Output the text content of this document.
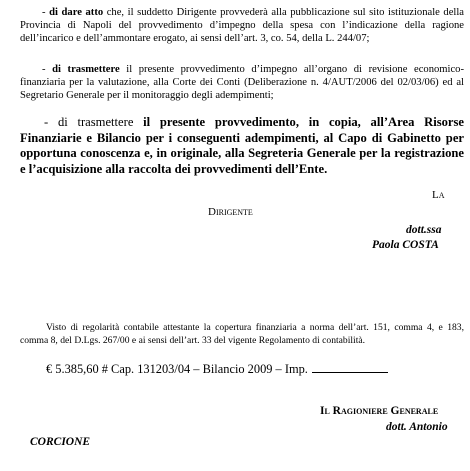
- di dare atto che, il suddetto Dirigente provvederà alla pubblicazione sul sito istituzionale della Provincia di Napoli del provvedimento d’impegno della spesa con l’indicazione della ragione dell’incarico e dell’ammontare erogato, ai sensi dell’art. 3, co. 54, della L. 244/07;

- di trasmettere il presente provvedimento d’impegno all’organo di revisione economico-finanziaria per la valutazione, alla Corte dei Conti (Deliberazione n. 4/AUT/2006 del 02/03/06) ed al Segretario Generale per il monitoraggio degli adempimenti;

- di trasmettere il presente provvedimento, in copia, all’Area Risorse Finanziarie e Bilancio per i conseguenti adempimenti, al Capo di Gabinetto per opportuna conoscenza e, in originale, alla Segreteria Generale per la registrazione e l’acquisizione alla raccolta dei provvedimenti dell’Ente.

La
Dirigente
dott.ssa
Paola COSTA

Visto di regolarità contabile attestante la copertura finanziaria a norma dell’art. 151, comma 4, e 183, comma 8, del D.Lgs. 267/00 e ai sensi dell’art. 33 del vigente Regolamento di contabilità.

€ 5.385,60 # Cap. 131203/04 – Bilancio 2009 – Imp.
Il Ragioniere Generale
dott. Antonio
CORCIONE
